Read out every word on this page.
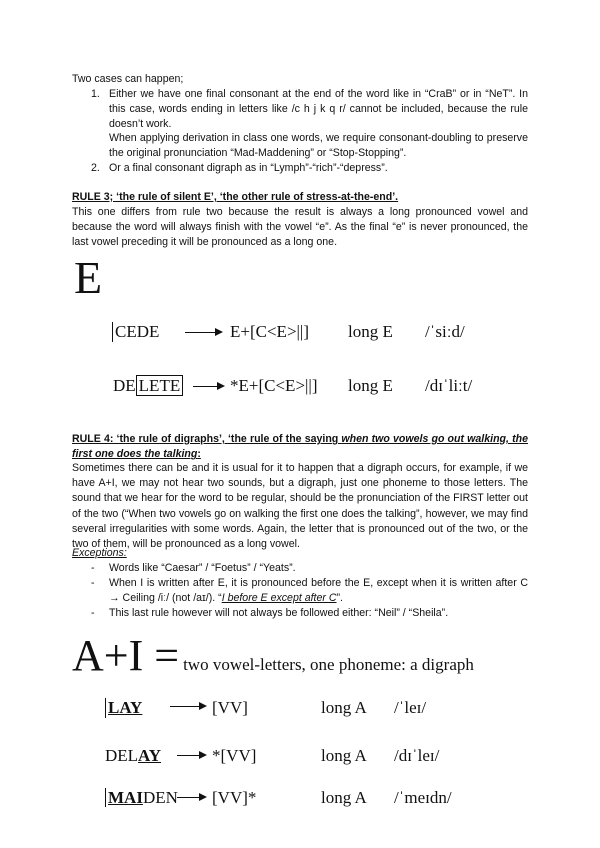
Two cases can happen;
1. Either we have one final consonant at the end of the word like in “CraB” or in “NeT”. In this case, words ending in letters like /c h j k q r/ cannot be included, because the rule doesn’t work.
When applying derivation in class one words, we require consonant-doubling to preserve the original pronunciation “Mad-Maddening” or “Stop-Stopping”.
2. Or a final consonant digraph as in “Lymph”-“rich”-“depress”.
RULE 3; ‘the rule of silent E’, ‘the other rule of stress-at-the-end’.
This one differs from rule two because the result is always a long pronounced vowel and because the word will always finish with the vowel “e”. As the final “e” is never pronounced, the last vowel preceding it will be pronounced as a long one.
E
CEDE	E+[C<E>||] long E /ˈsiːd/
DE LETE	*E+[C<E>||] long E /dɪˈliːt/
RULE 4: ‘the rule of digraphs’, ‘the rule of the saying when two vowels go out walking, the first one does the talking:
Sometimes there can be and it is usual for it to happen that a digraph occurs, for example, if we have A+I, we may not hear two sounds, but a digraph, just one phoneme to those letters. The sound that we hear for the word to be regular, should be the pronunciation of the FIRST letter out of the two (“When two vowels go on walking the first one does the talking”, however, we may find several irregularities with some words. Again, the letter that is pronounced out of the two, or the two of them, will be pronounced as a long vowel.
Exceptions:
- Words like “Caesar” / “Foetus” / “Yeats”.
- When I is written after E, it is pronounced before the E, except when it is written after C → Ceiling /iː/ (not /aɪ/). “I before E except after C”.
- This last rule however will not always be followed either: “Neil” / “Sheila”.
A+I = two vowel-letters, one phoneme: a digraph
LAY	[VV]	long A /ˈleɪ/
DELAY	*[VV]	long A /dɪˈleɪ/
MAIDEN [VV]*	long A /ˈmeɪdn/
